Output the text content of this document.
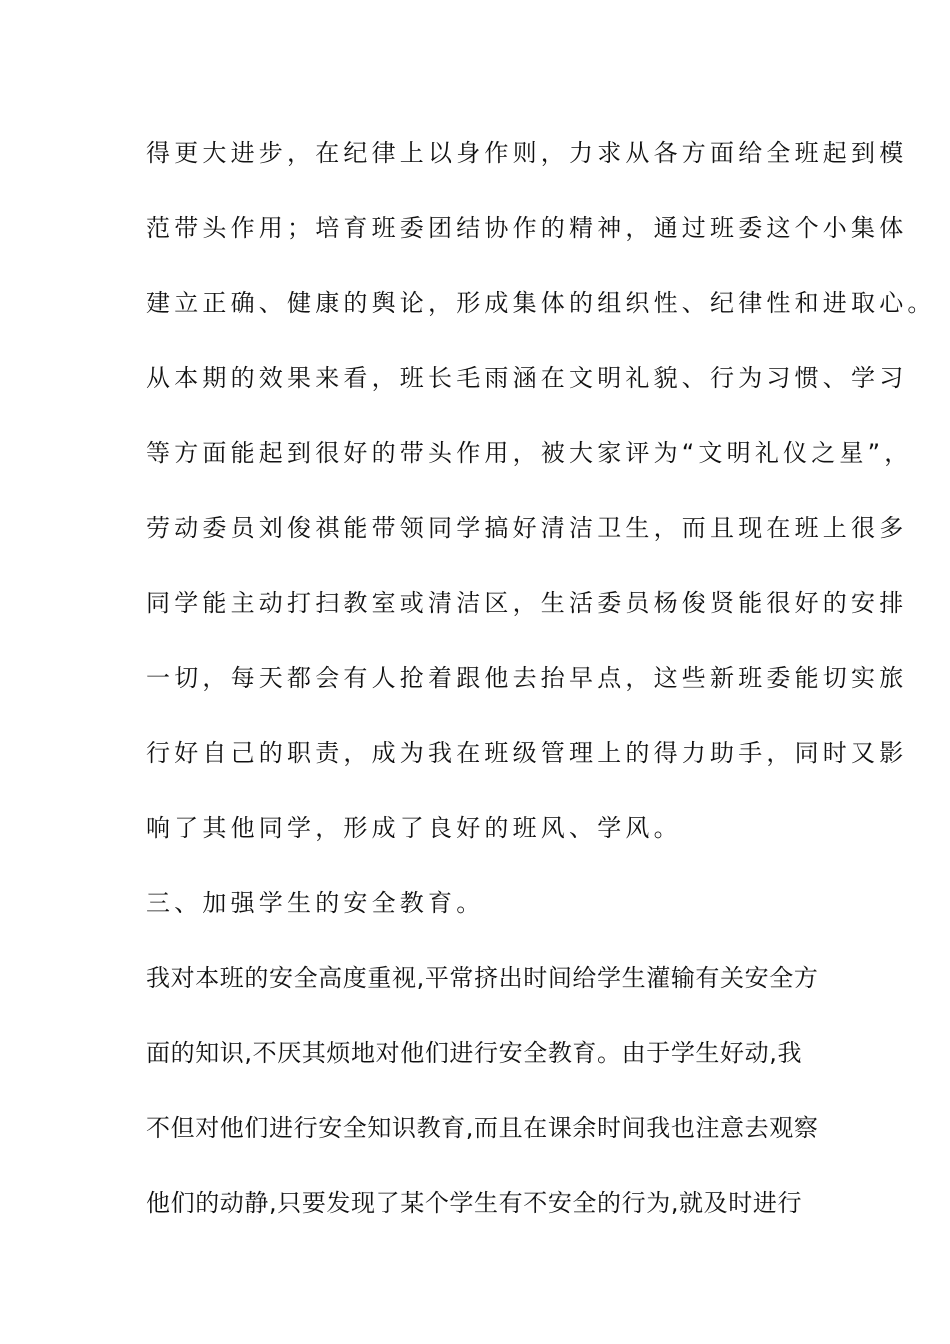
得更大进步，在纪律上以身作则，力求从各方面给全班起到模
范带头作用；培育班委团结协作的精神，通过班委这个小集体
建立正确、健康的舆论，形成集体的组织性、纪律性和进取心。
从本期的效果来看，班长毛雨涵在文明礼貌、行为习惯、学习
等方面能起到很好的带头作用，被大家评为“文明礼仪之星”，
劳动委员刘俊祺能带领同学搞好清洁卫生，而且现在班上很多
同学能主动打扫教室或清洁区，生活委员杨俊贤能很好的安排
一切，每天都会有人抢着跟他去抬早点，这些新班委能切实旅
行好自己的职责，成为我在班级管理上的得力助手，同时又影
响了其他同学，形成了良好的班风、学风。
三、加强学生的安全教育。
我对本班的安全高度重视,平常挤出时间给学生灌输有关安全方
面的知识,不厌其烦地对他们进行安全教育。由于学生好动,我
不但对他们进行安全知识教育,而且在课余时间我也注意去观察
他们的动静,只要发现了某个学生有不安全的行为,就及时进行
